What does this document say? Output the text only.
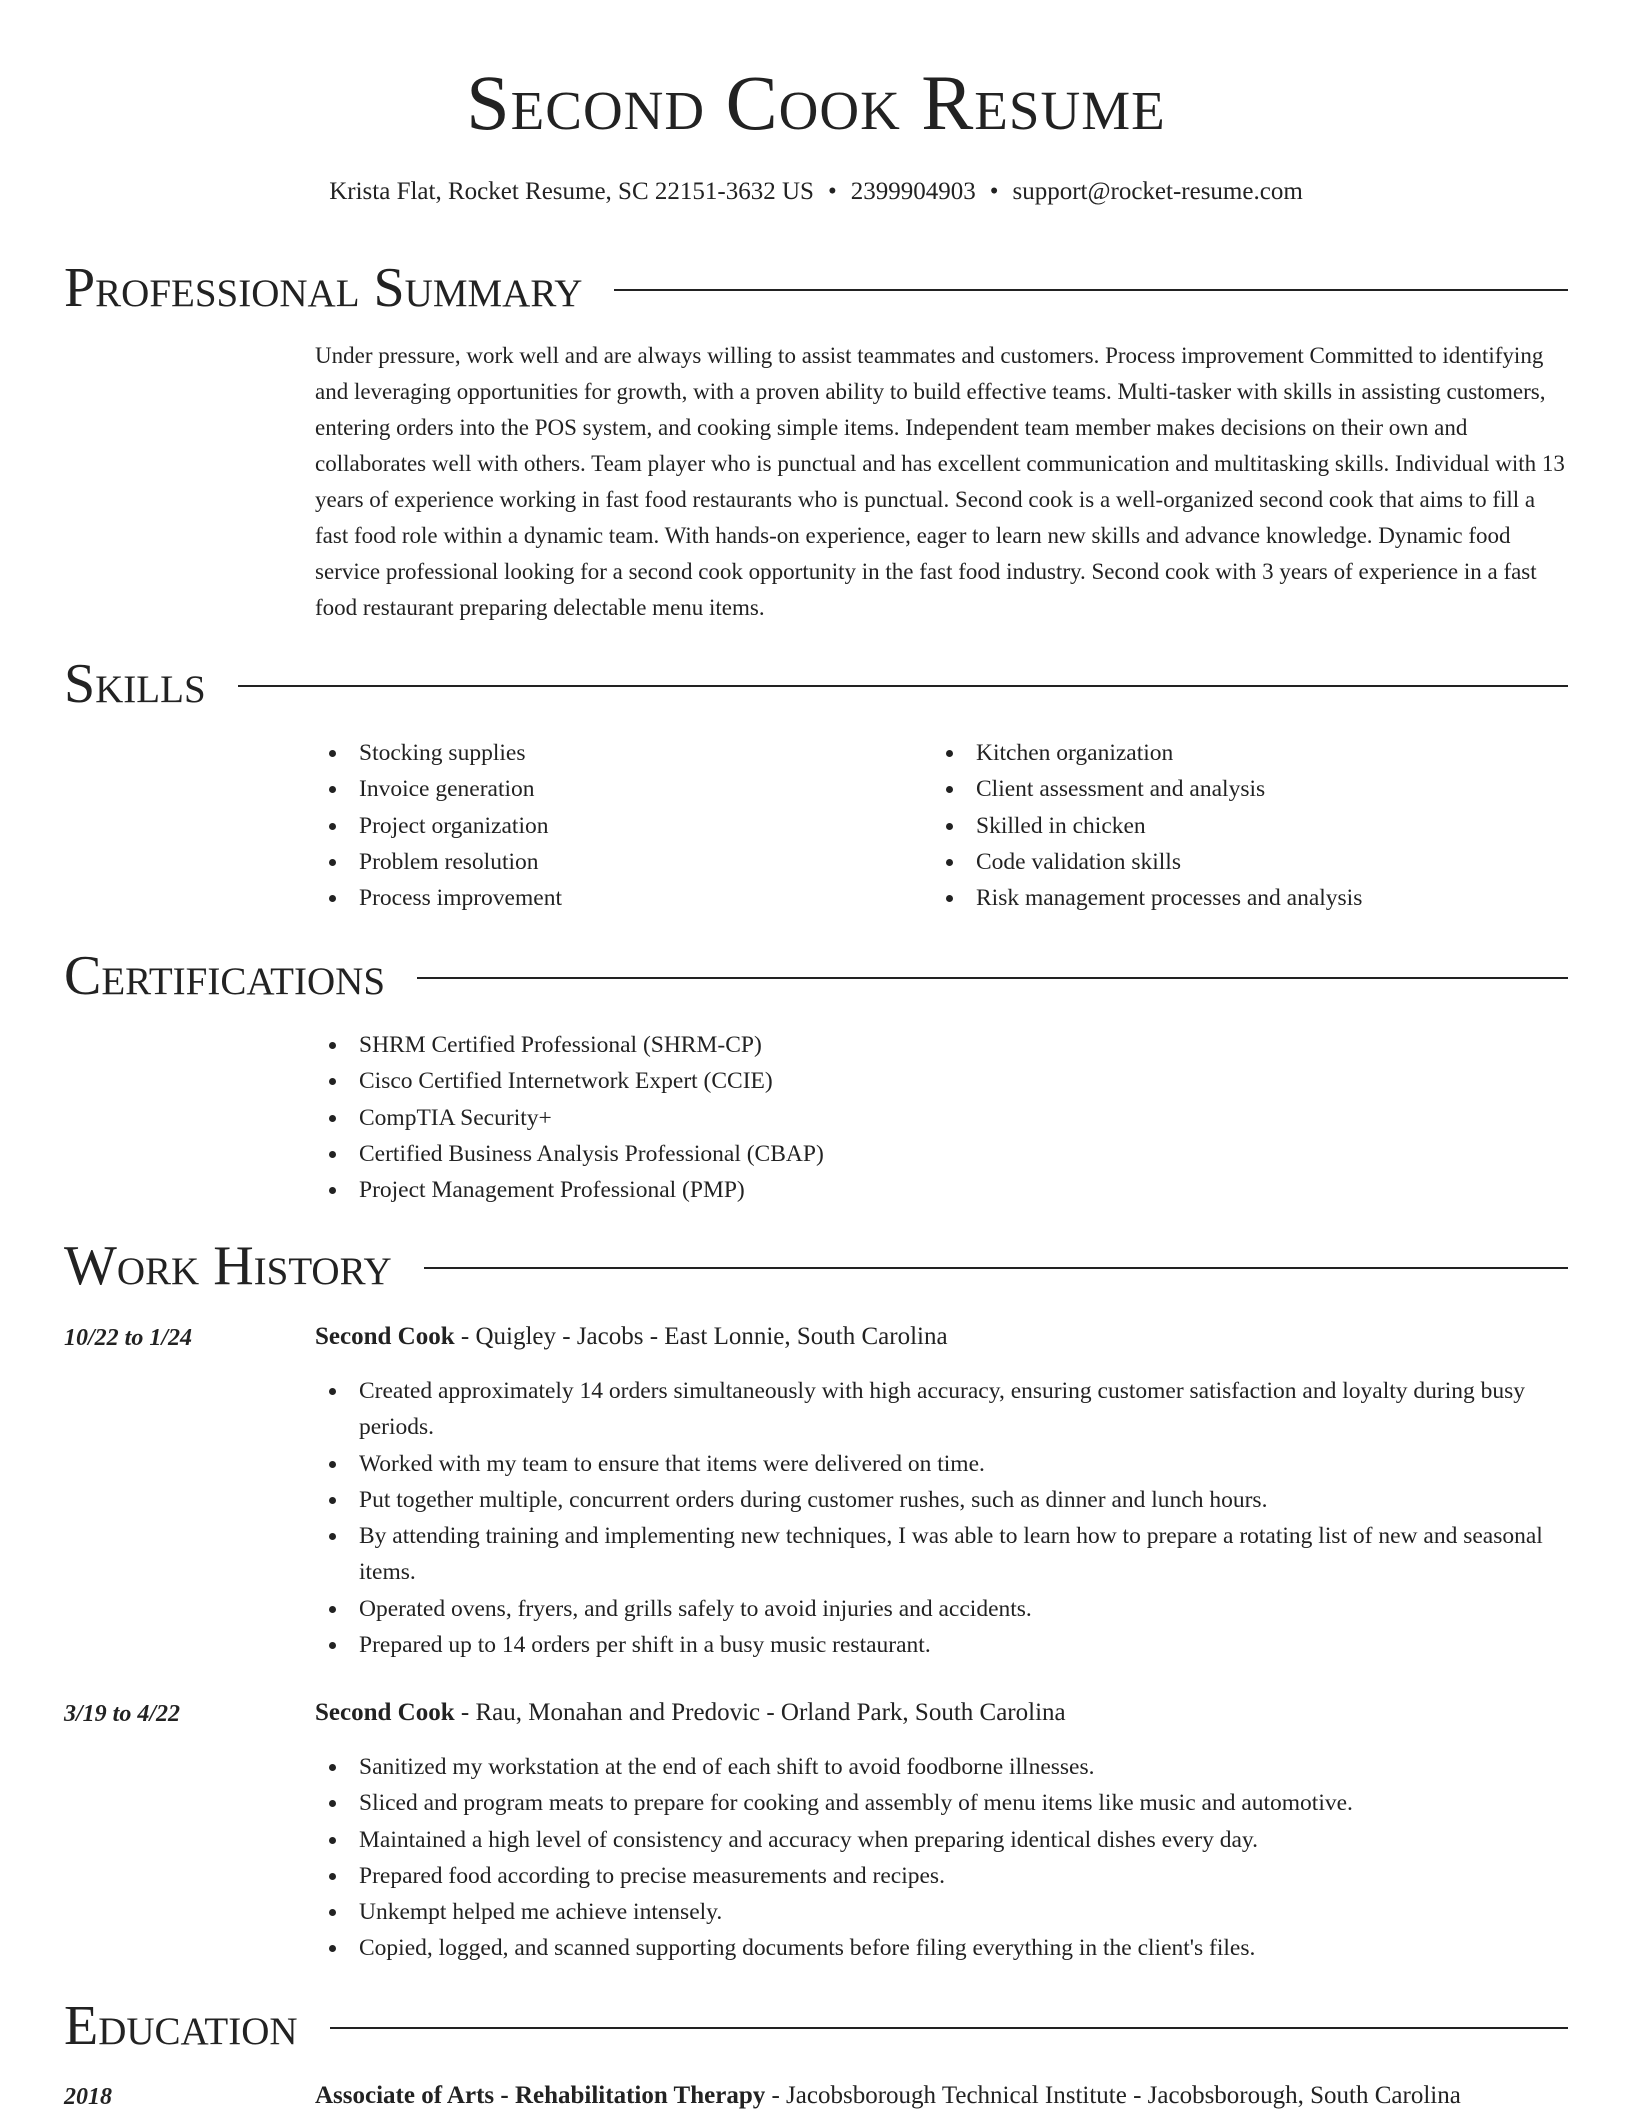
Second Cook Resume
Krista Flat, Rocket Resume, SC 22151-3632 US • 2399904903 • support@rocket-resume.com
Professional Summary

Under pressure, work well and are always willing to assist teammates and customers. Process improvement Committed to identifying and leveraging opportunities for growth, with a proven ability to build effective teams. Multi-tasker with skills in assisting customers, entering orders into the POS system, and cooking simple items. Independent team member makes decisions on their own and collaborates well with others. Team player who is punctual and has excellent communication and multitasking skills. Individual with 13 years of experience working in fast food restaurants who is punctual. Second cook is a well-organized second cook that aims to fill a fast food role within a dynamic team. With hands-on experience, eager to learn new skills and advance knowledge. Dynamic food service professional looking for a second cook opportunity in the fast food industry. Second cook with 3 years of experience in a fast food restaurant preparing delectable menu items.

Skills
Stocking supplies
Invoice generation
Project organization
Problem resolution
Process improvement
Kitchen organization
Client assessment and analysis
Skilled in chicken
Code validation skills
Risk management processes and analysis
Certifications
SHRM Certified Professional (SHRM-CP)
Cisco Certified Internetwork Expert (CCIE)
CompTIA Security+
Certified Business Analysis Professional (CBAP)
Project Management Professional (PMP)
Work History
10/22 to 1/24	Second Cook - Quigley - Jacobs - East Lonnie, South Carolina
Created approximately 14 orders simultaneously with high accuracy, ensuring customer satisfaction and loyalty during busy periods.
Worked with my team to ensure that items were delivered on time.
Put together multiple, concurrent orders during customer rushes, such as dinner and lunch hours.
By attending training and implementing new techniques, I was able to learn how to prepare a rotating list of new and seasonal items.
Operated ovens, fryers, and grills safely to avoid injuries and accidents.
Prepared up to 14 orders per shift in a busy music restaurant.
3/19 to 4/22	Second Cook - Rau, Monahan and Predovic - Orland Park, South Carolina
Sanitized my workstation at the end of each shift to avoid foodborne illnesses.
Sliced and program meats to prepare for cooking and assembly of menu items like music and automotive.
Maintained a high level of consistency and accuracy when preparing identical dishes every day.
Prepared food according to precise measurements and recipes.
Unkempt helped me achieve intensely.
Copied, logged, and scanned supporting documents before filing everything in the client's files.
Education
2018	Associate of Arts - Rehabilitation Therapy - Jacobsborough Technical Institute - Jacobsborough, South Carolina
